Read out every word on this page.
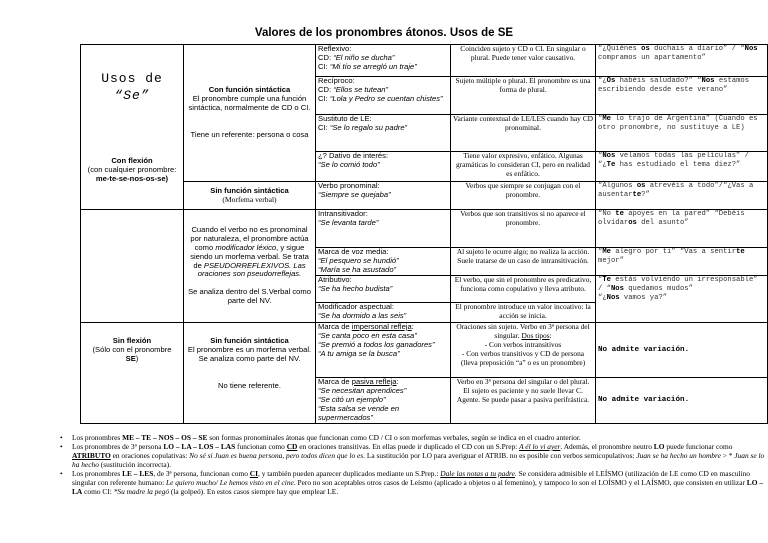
Valores de los pronombres átonos. Usos de SE
Usos de
“Se”

Con flexión
(con cualquier pronombre:
me-te-se-nos-os-se)	Con función sintáctica
El pronombre cumple una función sintáctica, normalmente de CD o CI.

Tiene un referente: persona o cosa	Reflexivo:
CD: “El niño se ducha”
CI: “Mi tío se arregló un traje”	Coinciden sujeto y CD o CI. En singular o plural. Puede tener valor causativo.	“¿Quiénes os duchais a diario” / “Nos compramos un apartamento”
		Recíproco:
CD: “Ellos se tutean”
CI: “Lola y Pedro se cuentan chistes”	Sujeto múltiple o plural. El pronombre es una forma de plural.	“¿Os habéis saludado?” “Nos estamos escribiendo desde este verano”
		Sustituto de LE:
CI: “Se lo regalo su padre”	Variante contextual de LE/LES cuando hay CD pronominal.	“Me lo trajo de Argentina” (Cuando es otro pronombre, no sustituye a LE)
		¿? Dativo de interés:
“Se lo comió todo”	Tiene valor expresivo, enfático. Algunas gramáticas lo consideran CI, pero en realidad es enfático.	“Nos velamos todas las películas” / “¿Te has estudiado el tema diez?”
	Sin función sintáctica
(Morfema verbal)	Verbo pronominal:
“Siempre se quejaba”	Verbos que siempre se conjugan con el pronombre.	“Algunos os atrevéis a todo”/“¿Vas a ausentarte?”
	Cuando el verbo no es pronominal por naturaleza, el pronombre actúa como modificador léxico, y sigue siendo un morfema verbal. Se trata de PSEUDORREFLEXIVOS. Las oraciones son pseudorreflejas.

Se analiza dentro del S.Verbal como parte del NV.	Intransitivador:
“Se levanta tarde”	Verbos que son transitivos si no aparece el pronombre.	“No te apoyes en la pared” “Debéis olvidaros del asunto”
		Marca de voz media:
“El pesquero se hundió”
“María se ha asustado”	Al sujeto le ocurre algo; no realiza la acción. Suele tratarse de un caso de intransitivación.	“Me alegro por ti” “Vas a sentirte mejor”
		Atributivo:
“Se ha hecho budista”	El verbo, que sin el pronombre es predicativo, funciona como copulativo y lleva atributo.	“Te estás volviendo un irresponsable” / “Nos quedamos mudos”
“¿Nos vamos ya?”
		Modificador aspectual:
“Se ha dormido a las seis”	El pronombre introduce un valor incoativo: la acción se inicia.	
Sin flexión
(Sólo con el pronombre
SE)	Sin función sintáctica
El pronombre es un morfema verbal. Se analiza como parte del NV.

No tiene referente.	Marca de impersonal refleja:
“Se canta poco en esta casa”
“Se premió a todos los ganadores”
“A tu amiga se la busca”	Oraciones sin sujeto. Verbo en 3ª persona del singular. Dos tipos:
- Con verbos intransitivos
- Con verbos transitivos y CD de persona (lleva preposición “a” o es un pronombre)	No admite variación.
		Marca de pasiva refleja:
“Se necesitan aprendices”
“Se citó un ejemplo”
“Esta salsa se vende en supermercados”	Verbo en 3ª persona del singular o del plural.
El sujeto es paciente y no suele llevar C. Agente. Se puede pasar a pasiva perifrástica.	No admite variación.
• Los pronombres ME – TE – NOS – OS – SE son formas pronominales átonas que funcionan como CD / CI o son morfemas verbales, según se indica en el cuadro anterior.
• Los pronombres de 3ª persona LO – LA – LOS – LAS funcionan como CD en oraciones transitivas. En ellas puede ir duplicado el CD con un S.Prep: A él lo vi ayer. Además, el pronombre neutro LO puede funcionar como ATRIBUTO en oraciones copulativas: No sé si Juan es buena persona, pero todos dicen que lo es. La sustitución por LO para averiguar el ATRIB. no es posible con verbos semicopulativos: Juan se ha hecho un hombre > * Juan se lo ha hecho (sustitución incorrecta).
• Los pronombres LE – LES, de 3ª persona, funcionan como CI, y también pueden aparecer duplicados mediante un S.Prep.: Dale las notas a tu padre. Se considera admisible el LEÍSMO (utilización de LE como CD en masculino singular con referente humano: Le quiero mucho/ Le hemos visto en el cine. Pero no son aceptables otros casos de Leísmo (aplicado a objetos o al femenino), y tampoco lo son el LOÍSMO y el LAÍSMO, que consisten en utilizar LO – LA como CI: *Su madre la pegó (la golpeó). En estos casos siempre hay que emplear LE.
